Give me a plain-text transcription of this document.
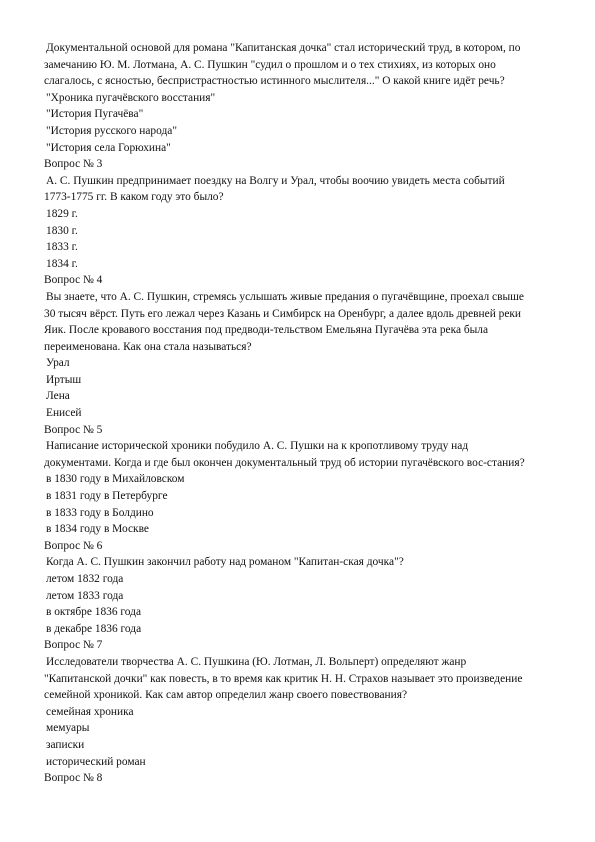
Документальной основой для романа "Капитанская дочка" стал исторический труд, в котором, по
замечанию Ю. М. Лотмана, А. С. Пушкин "судил о прошлом и о тех стихиях, из которых оно
слагалось, с ясностью, беспристрастностью истинного мыслителя..." О какой книге идёт речь?
"Хроника пугачёвского восстания"
"История Пугачёва"
"История русского народа"
"История села Горюхина"
Вопрос № 3
А. С. Пушкин предпринимает поездку на Волгу и Урал, чтобы воочию увидеть места событий
1773-1775 гг. В каком году это было?
1829 г.
1830 г.
1833 г.
1834 г.
Вопрос № 4
Вы знаете, что А. С. Пушкин, стремясь услышать живые предания о пугачёвщине, проехал свыше
30 тысяч вёрст. Путь его лежал через Казань и Симбирск на Оренбург, а далее вдоль древней реки
Яик. После кровавого восстания под предводи-тельством Емельяна Пугачёва эта река была
переименована. Как она стала называться?
Урал
Иртыш
Лена
Енисей
Вопрос № 5
Написание исторической хроники побудило А. С. Пушки на к кропотливому труду над
документами. Когда и где был окончен документальный труд об истории пугачёвского вос-стания?
в 1830 году в Михайловском
в 1831 году в Петербурге
в 1833 году в Болдино
в 1834 году в Москве
Вопрос № 6
Когда А. С. Пушкин закончил работу над романом "Капитан-ская дочка"?
летом 1832 года
летом 1833 года
в октябре 1836 года
в декабре 1836 года
Вопрос № 7
Исследователи творчества А. С. Пушкина (Ю. Лотман, Л. Вольперт) определяют жанр
"Капитанской дочки" как повесть, в то время как критик Н. Н. Страхов называет это произведение
семейной хроникой. Как сам автор определил жанр своего повествования?
семейная хроника
мемуары
записки
исторический роман
Вопрос № 8
